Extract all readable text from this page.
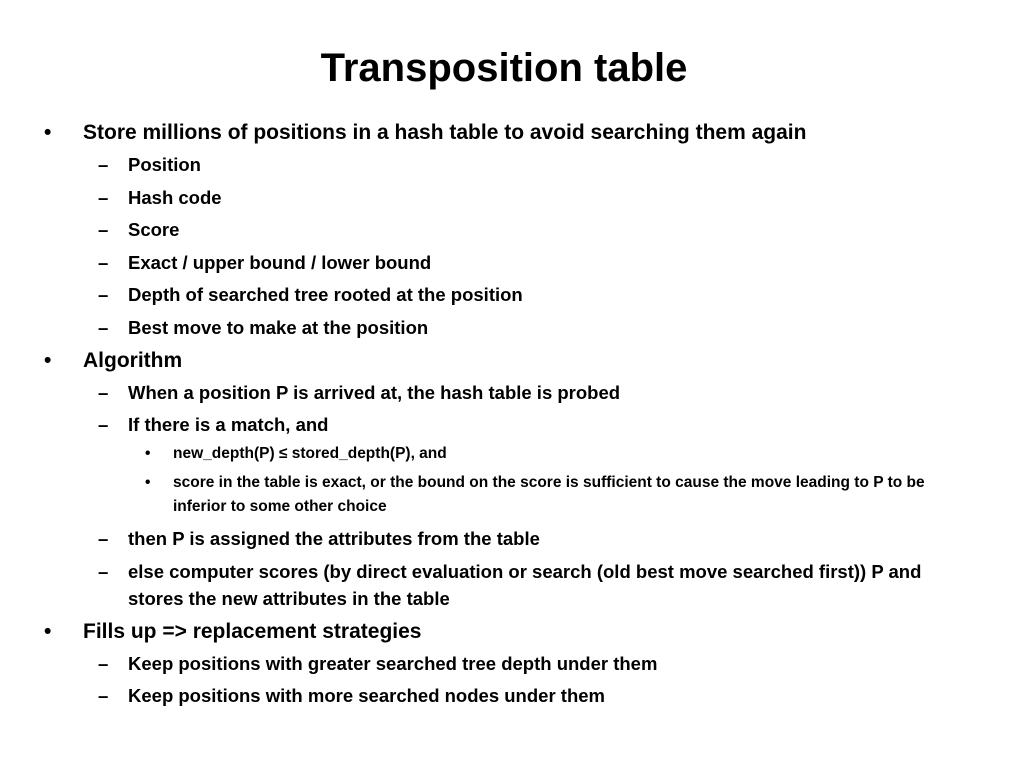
Transposition table
• Store millions of positions in a hash table to avoid searching them again
– Position
– Hash code
– Score
– Exact / upper bound / lower bound
– Depth of searched tree rooted at the position
– Best move to make at the position
• Algorithm
– When a position P is arrived at, the hash table is probed
– If there is a match, and
• new_depth(P) ≤ stored_depth(P), and
• score in the table is exact, or the bound on the score is sufficient to cause the move leading to P to be inferior to some other choice
– then P is assigned the attributes from the table
– else computer scores (by direct evaluation or search (old best move searched first)) P and stores the new attributes in the table
• Fills up => replacement strategies
– Keep positions with greater searched tree depth under them
– Keep positions with more searched nodes under them
